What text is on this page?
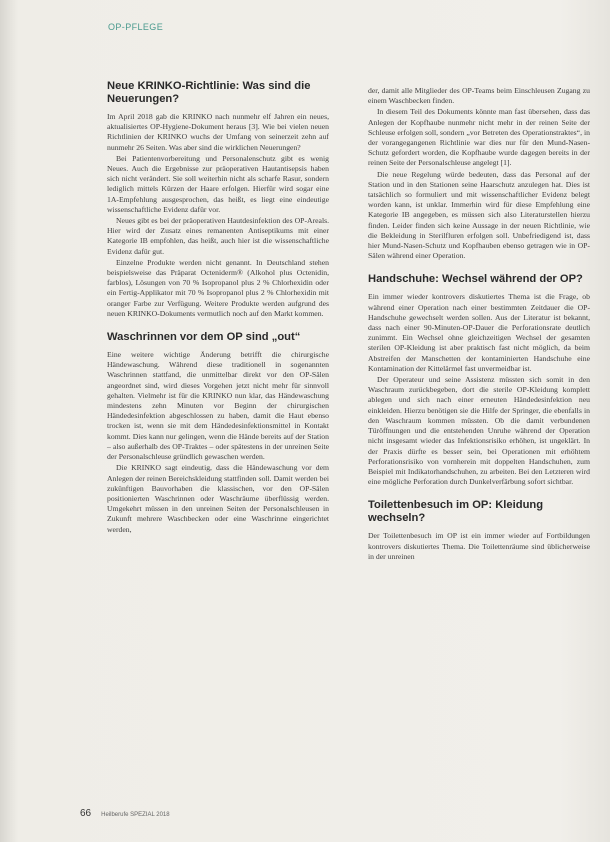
OP-PFLEGE
Neue KRINKO-Richtlinie: Was sind die Neuerungen?

Im April 2018 gab die KRINKO nach nunmehr elf Jahren ein neues, aktualisiertes OP-Hygiene-Dokument heraus [3]. Wie bei vielen neuen Richtlinien der KRINKO wuchs der Umfang von seinerzeit zehn auf nunmehr 26 Seiten. Was aber sind die wirklichen Neuerungen?

Bei Patientenvorbereitung und Personalenschutz gibt es wenig Neues. Auch die Ergebnisse zur präoperativen Hautantisepsis haben sich nicht verändert. Sie soll weiterhin nicht als scharfe Rasur, sondern lediglich mittels Kürzen der Haare erfolgen. Hierfür wird sogar eine 1A-Empfehlung ausgesprochen, das heißt, es liegt eine eindeutige wissenschaftliche Evidenz dafür vor.

Neues gibt es bei der präoperativen Hautdesinfektion des OP-Areals. Hier wird der Zusatz eines remanenten Antiseptikums mit einer Kategorie IB empfohlen, das heißt, auch hier ist die wissenschaftliche Evidenz dafür gut.

Einzelne Produkte werden nicht genannt. In Deutschland stehen beispielsweise das Präparat Octeniderm® (Alkohol plus Octenidin, farblos), Lösungen von 70 % Isopropanol plus 2 % Chlorhexidin oder ein Fertig-Applikator mit 70 % Isopropanol plus 2 % Chlorhexidin mit oranger Farbe zur Verfügung. Weitere Produkte werden aufgrund des neuen KRINKO-Dokuments vermutlich noch auf den Markt kommen.

Waschrinnen vor dem OP sind „out“

Eine weitere wichtige Änderung betrifft die chirurgische Händewaschung. Während diese traditionell in sogenannten Waschrinnen stattfand, die unmittelbar direkt vor den OP-Sälen angeordnet sind, wird dieses Vorgehen jetzt nicht mehr für sinnvoll gehalten. Vielmehr ist für die KRINKO nun klar, das Händewaschung mindestens zehn Minuten vor Beginn der chirurgischen Händedesinfektion abgeschlossen zu haben, damit die Haut ebenso trocken ist, wenn sie mit dem Händedesinfektionsmittel in Kontakt kommt. Dies kann nur gelingen, wenn die Hände bereits auf der Station – also außerhalb des OP-Traktes – oder spätestens in der unreinen Seite der Personalschleuse gründlich gewaschen werden.

Die KRINKO sagt eindeutig, dass die Händewaschung vor dem Anlegen der reinen Bereichskleidung stattfinden soll. Damit werden bei zukünftigen Bauvorhaben die klassischen, vor den OP-Sälen positionierten Waschrinnen oder Waschräume überflüssig werden. Umgekehrt müssen in den unreinen Seiten der Personalschleusen in Zukunft mehrere Waschbecken oder eine Waschrinne eingerichtet werden,

der, damit alle Mitglieder des OP-Teams beim Einschleusen Zugang zu einem Waschbecken finden.

In diesem Teil des Dokuments könnte man fast übersehen, dass das Anlegen der Kopfhaube nunmehr nicht mehr in der reinen Seite der Schleuse erfolgen soll, sondern „vor Betreten des Operationstraktes“, in der vorangegangenen Richtlinie war dies nur für den Mund-Nasen-Schutz gefordert worden, die Kopfhaube wurde dagegen bereits in der reinen Seite der Personalschleuse angelegt [1].

Die neue Regelung würde bedeuten, dass das Personal auf der Station und in den Stationen seine Haarschutz anzulegen hat. Dies ist tatsächlich so formuliert und mit wissenschaftlicher Evidenz belegt worden kann, ist unklar. Immerhin wird für diese Empfehlung eine Kategorie IB angegeben, es müssen sich also Literaturstellen hierzu finden. Leider finden sich keine Aussage in der neuen Richtlinie, wie die Bekleidung in Sterilfluren erfolgen soll. Unbefriedigend ist, dass hier Mund-Nasen-Schutz und Kopfhauben ebenso getragen wie in OP-Sälen während einer Operation.

Handschuhe: Wechsel während der OP?

Ein immer wieder kontrovers diskutiertes Thema ist die Frage, ob während einer Operation nach einer bestimmten Zeitdauer die OP-Handschuhe gewechselt werden sollen. Aus der Literatur ist bekannt, dass nach einer 90-Minuten-OP-Dauer die Perforationsrate deutlich zunimmt. Ein Wechsel ohne gleichzeitigen Wechsel der gesamten sterilen OP-Kleidung ist aber praktisch fast nicht möglich, da beim Abstreifen der Manschetten der kontaminierten Handschuhe eine Kontamination der Kittelärmel fast unvermeidbar ist.

Der Operateur und seine Assistenz müssten sich somit in den Waschraum zurückbegeben, dort die sterile OP-Kleidung komplett ablegen und sich nach einer erneuten Händedesinfektion neu einkleiden. Hierzu benötigen sie die Hilfe der Springer, die ebenfalls in den Waschraum kommen müssten. Ob die damit verbundenen Türöffnungen und die entstehenden Unruhe während der Operation nicht insgesamt wieder das Infektionsrisiko erhöhen, ist ungeklärt. In der Praxis dürfte es besser sein, bei Operationen mit erhöhtem Perforationsrisiko von vornherein mit doppelten Handschuhen, zum Beispiel mit Indikatorhandschuhen, zu arbeiten. Bei den Letzteren wird eine mögliche Perforation durch Dunkelverfärbung sofort sichtbar.

Toilettenbesuch im OP: Kleidung wechseln?

Der Toilettenbesuch im OP ist ein immer wieder auf Fortbildungen kontrovers diskutiertes Thema. Die Toilettenräume sind üblicherweise in der unreinen

66 Heilberufe SPEZIAL 2018
